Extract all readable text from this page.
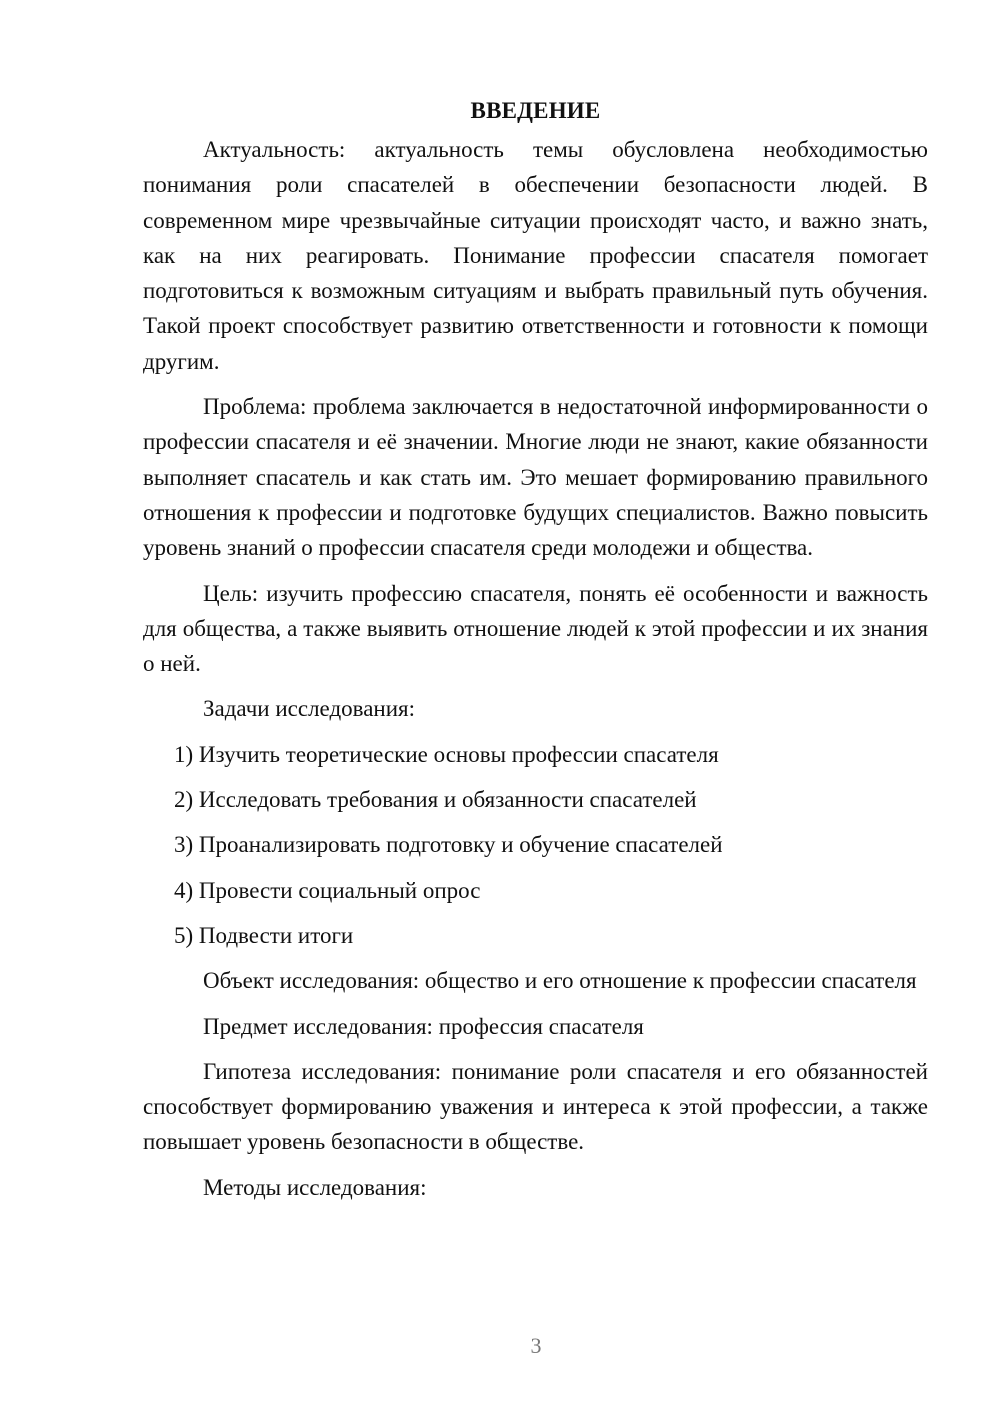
ВВЕДЕНИЕ

Актуальность: актуальность темы обусловлена необходимостью понимания роли спасателей в обеспечении безопасности людей. В современном мире чрезвычайные ситуации происходят часто, и важно знать, как на них реагировать. Понимание профессии спасателя помогает подготовиться к возможным ситуациям и выбрать правильный путь обучения. Такой проект способствует развитию ответственности и готовности к помощи другим.

Проблема: проблема заключается в недостаточной информированности о профессии спасателя и её значении. Многие люди не знают, какие обязанности выполняет спасатель и как стать им. Это мешает формированию правильного отношения к профессии и подготовке будущих специалистов. Важно повысить уровень знаний о профессии спасателя среди молодежи и общества.

Цель: изучить профессию спасателя, понять её особенности и важность для общества, а также выявить отношение людей к этой профессии и их знания о ней.

Задачи исследования:

1) Изучить теоретические основы профессии спасателя
2) Исследовать требования и обязанности спасателей
3) Проанализировать подготовку и обучение спасателей
4) Провести социальный опрос
5) Подвести итоги

Объект исследования: общество и его отношение к профессии спасателя

Предмет исследования: профессия спасателя

Гипотеза исследования: понимание роли спасателя и его обязанностей способствует формированию уважения и интереса к этой профессии, а также повышает уровень безопасности в обществе.

Методы исследования:

3
